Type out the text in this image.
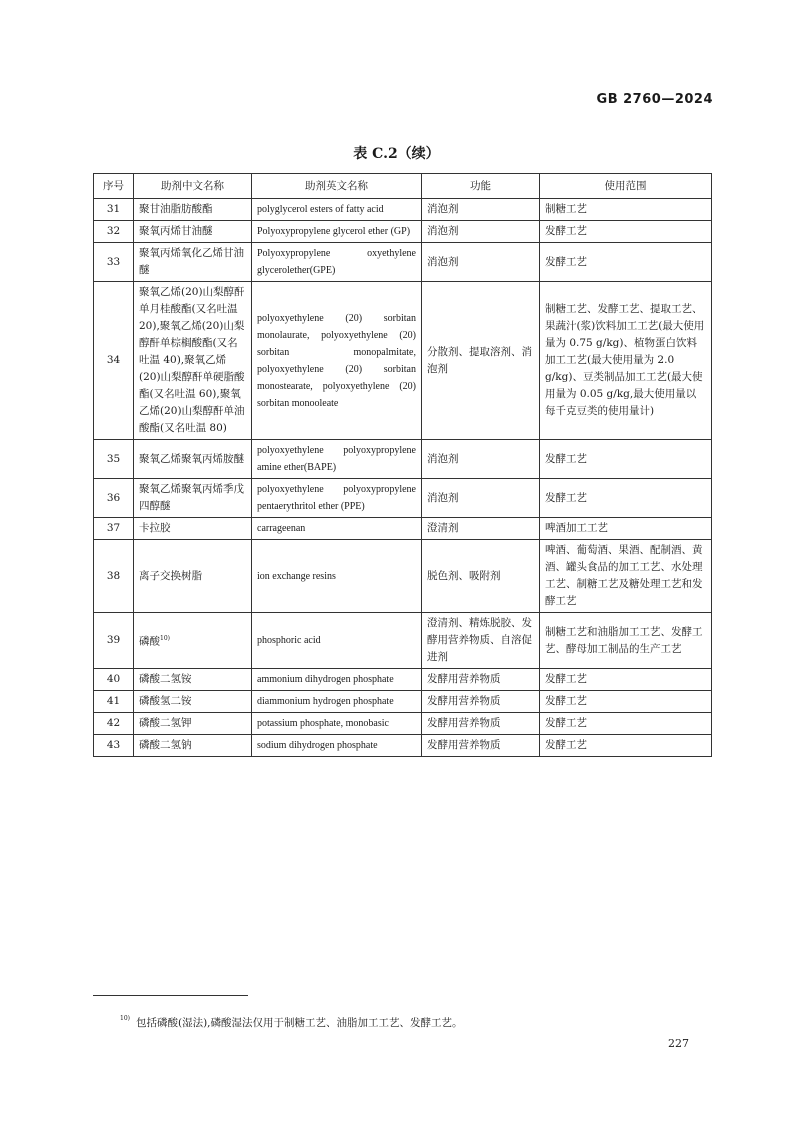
GB 2760—2024
表 C.2（续）
序号	助剂中文名称	助剂英文名称	功能	使用范围
31	聚甘油脂肪酸酯	polyglycerol esters of fatty acid	消泡剂	制糖工艺
32	聚氧丙烯甘油醚	Polyoxypropylene glycerol ether (GP)	消泡剂	发酵工艺
33	聚氧丙烯氧化乙烯甘油醚	Polyoxypropylene oxyethylene glycerolether(GPE)	消泡剂	发酵工艺
34	聚氧乙烯(20)山梨醇酐单月桂酸酯(又名吐温 20),聚氧乙烯(20)山梨醇酐单棕榈酸酯(又名吐温 40),聚氧乙烯(20)山梨醇酐单硬脂酸酯(又名吐温 60),聚氧乙烯(20)山梨醇酐单油酸酯(又名吐温 80)	polyoxyethylene (20) sorbitan monolaurate, polyoxyethylene (20) sorbitan monopalmitate, polyoxyethylene (20) sorbitan monostearate, polyoxyethylene (20) sorbitan monooleate	分散剂、提取溶剂、消泡剂	制糖工艺、发酵工艺、提取工艺、果蔬汁(浆)饮料加工工艺(最大使用量为 0.75 g/kg)、植物蛋白饮料加工工艺(最大使用量为 2.0 g/kg)、豆类制品加工工艺(最大使用量为 0.05 g/kg,最大使用量以每千克豆类的使用量计)
35	聚氧乙烯聚氧丙烯胺醚	polyoxyethylene polyoxypropylene amine ether(BAPE)	消泡剂	发酵工艺
36	聚氧乙烯聚氧丙烯季戊四醇醚	polyoxyethylene polyoxypropylene pentaerythritol ether (PPE)	消泡剂	发酵工艺
37	卡拉胶	carrageenan	澄清剂	啤酒加工工艺
38	离子交换树脂	ion exchange resins	脱色剂、吸附剂	啤酒、葡萄酒、果酒、配制酒、黄酒、罐头食品的加工工艺、水处理工艺、制糖工艺及糖处理工艺和发酵工艺
39	磷酸$^{10)}$	phosphoric acid	澄清剂、精炼脱胶、发酵用营养物质、自溶促进剂	制糖工艺和油脂加工工艺、发酵工艺、酵母加工制品的生产工艺
40	磷酸二氢铵	ammonium dihydrogen phosphate	发酵用营养物质	发酵工艺
41	磷酸氢二铵	diammonium hydrogen phosphate	发酵用营养物质	发酵工艺
42	磷酸二氢钾	potassium phosphate, monobasic	发酵用营养物质	发酵工艺
43	磷酸二氢钠	sodium dihydrogen phosphate	发酵用营养物质	发酵工艺
$^{10)}$ 包括磷酸(湿法),磷酸湿法仅用于制糖工艺、油脂加工工艺、发酵工艺。
227
